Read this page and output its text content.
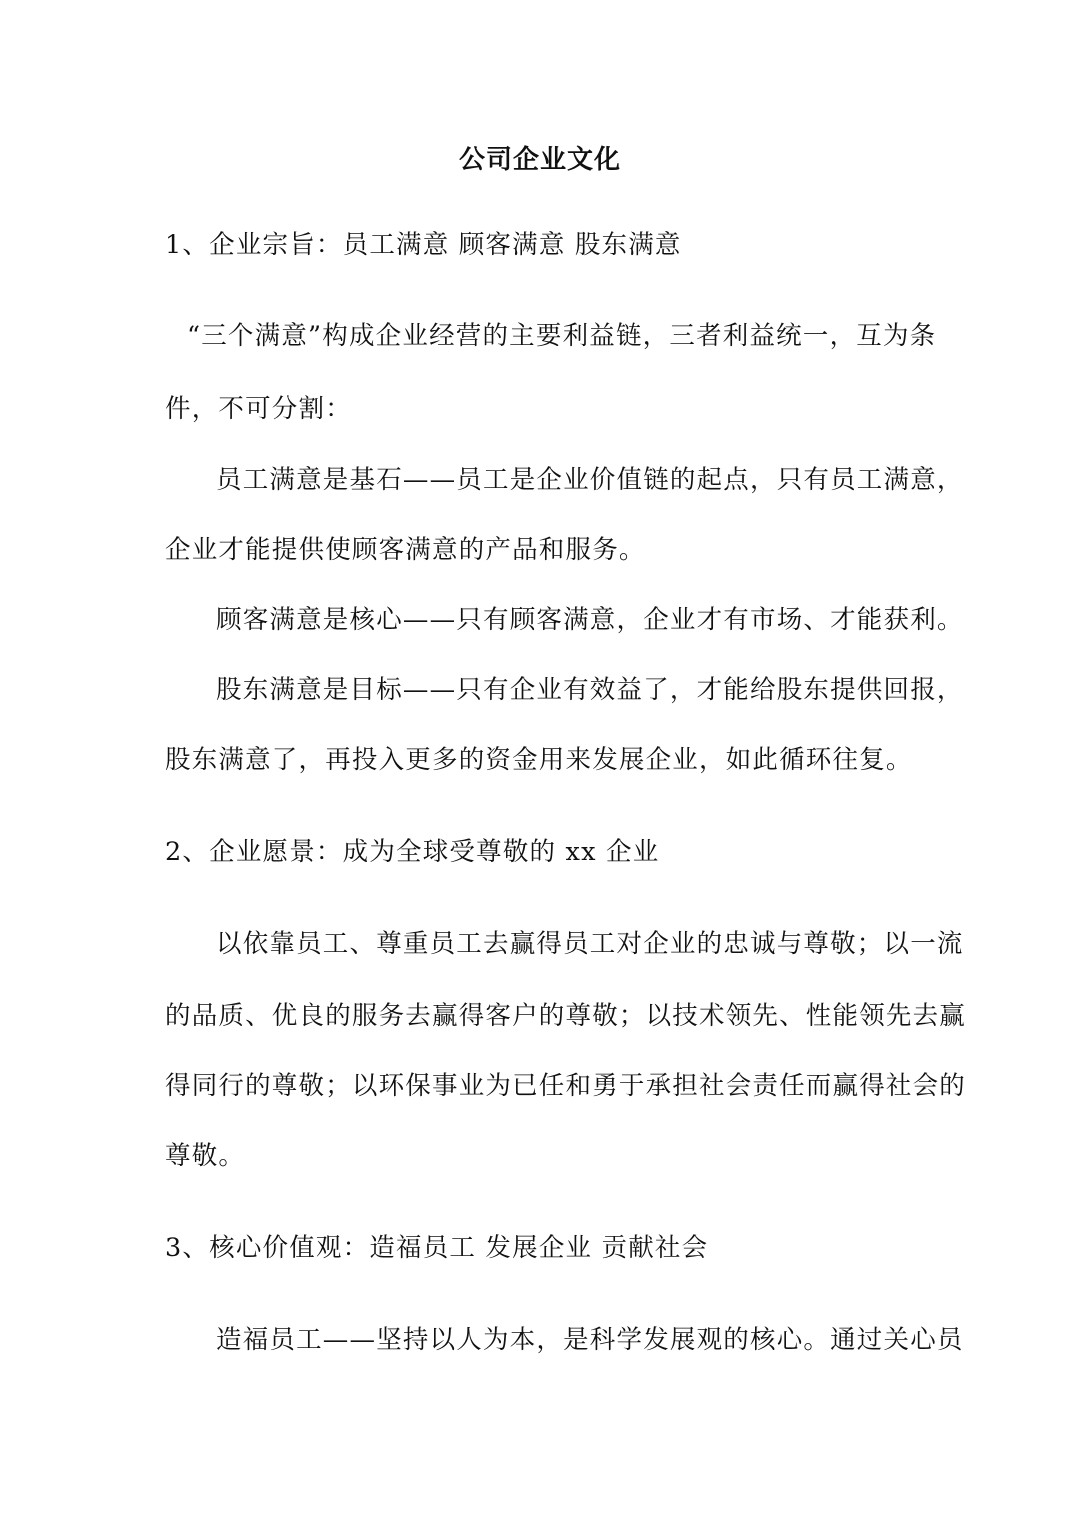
公司企业文化
1、企业宗旨：员工满意 顾客满意 股东满意
“三个满意”构成企业经营的主要利益链，三者利益统一，互为条
件，不可分割：
员工满意是基石——员工是企业价值链的起点，只有员工满意，
企业才能提供使顾客满意的产品和服务。
顾客满意是核心——只有顾客满意，企业才有市场、才能获利。
股东满意是目标——只有企业有效益了，才能给股东提供回报，
股东满意了，再投入更多的资金用来发展企业，如此循环往复。
2、企业愿景：成为全球受尊敬的 xx 企业
以依靠员工、尊重员工去赢得员工对企业的忠诚与尊敬；以一流
的品质、优良的服务去赢得客户的尊敬；以技术领先、性能领先去赢
得同行的尊敬；以环保事业为已任和勇于承担社会责任而赢得社会的
尊敬。
3、核心价值观：造福员工 发展企业 贡献社会
造福员工——坚持以人为本，是科学发展观的核心。通过关心员
